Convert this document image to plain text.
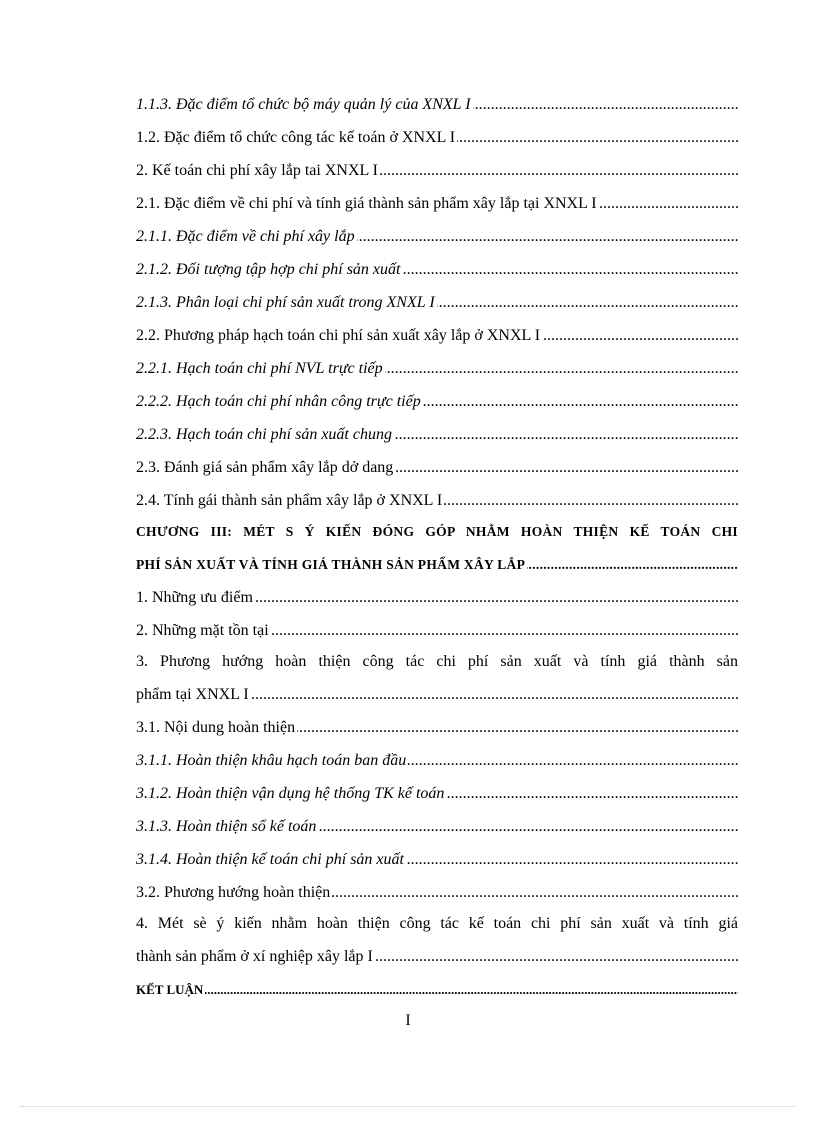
1.1.3. Đặc điểm tổ chức bộ máy quản lý của XNXL I .....
1.2. Đặc điểm tổ chức công tác kế toán ở XNXL I .....
2. Kế toán chi phí xây lắp tai XNXL I .....
2.1. Đặc điểm về chi phí và tính giá thành sản phẩm xây lắp tại XNXL I .....
2.1.1. Đặc điểm về chi phí xây lắp .....
2.1.2. Đối tượng tập hợp chi phí sản xuất .....
2.1.3. Phân loại chi phí sản xuất trong XNXL I .....
2.2. Phương pháp hạch toán chi phí sản xuất xây lắp ở XNXL I .....
2.2.1. Hạch toán chi phí NVL trực tiếp .....
2.2.2. Hạch toán chi phí nhân công trực tiếp .....
2.2.3. Hạch toán chi phí sản xuất chung .....
2.3. Đánh giá sản phẩm xây lắp dở dang .....
2.4. Tính gái thành sản phẩm xây lắp ở XNXL I .....
CHƯƠNG III: MÉT S Ý KIẾN ĐÓNG GÓP NHẰM HOÀN THIỆN KẾ TOÁN CHI
PHÍ SẢN XUẤT VÀ TÍNH GIÁ THÀNH SẢN PHẨM XÂY LẮP .....
1. Những ưu điểm .....
2. Những mặt tồn tại .....
3. Phương hướng hoàn thiện công tác chi phí sản xuất và tính giá thành sản
phẩm tại XNXL I .....
3.1. Nội dung hoàn thiện .....
3.1.1. Hoàn thiện khâu hạch toán ban đầu .....
3.1.2. Hoàn thiện vận dụng hệ thống TK kế toán .....
3.1.3. Hoàn thiện sổ kế toán .....
3.1.4. Hoàn thiện kế toán chi phí sản xuất .....
3.2. Phương hướng hoàn thiện .....
4. Mét sè ý kiến nhằm hoàn thiện công tác kế toán chi phí sản xuất và tính giá
thành sản phẩm ở xí nghiệp xây lắp I .....
KẾT LUẬN .....
I
